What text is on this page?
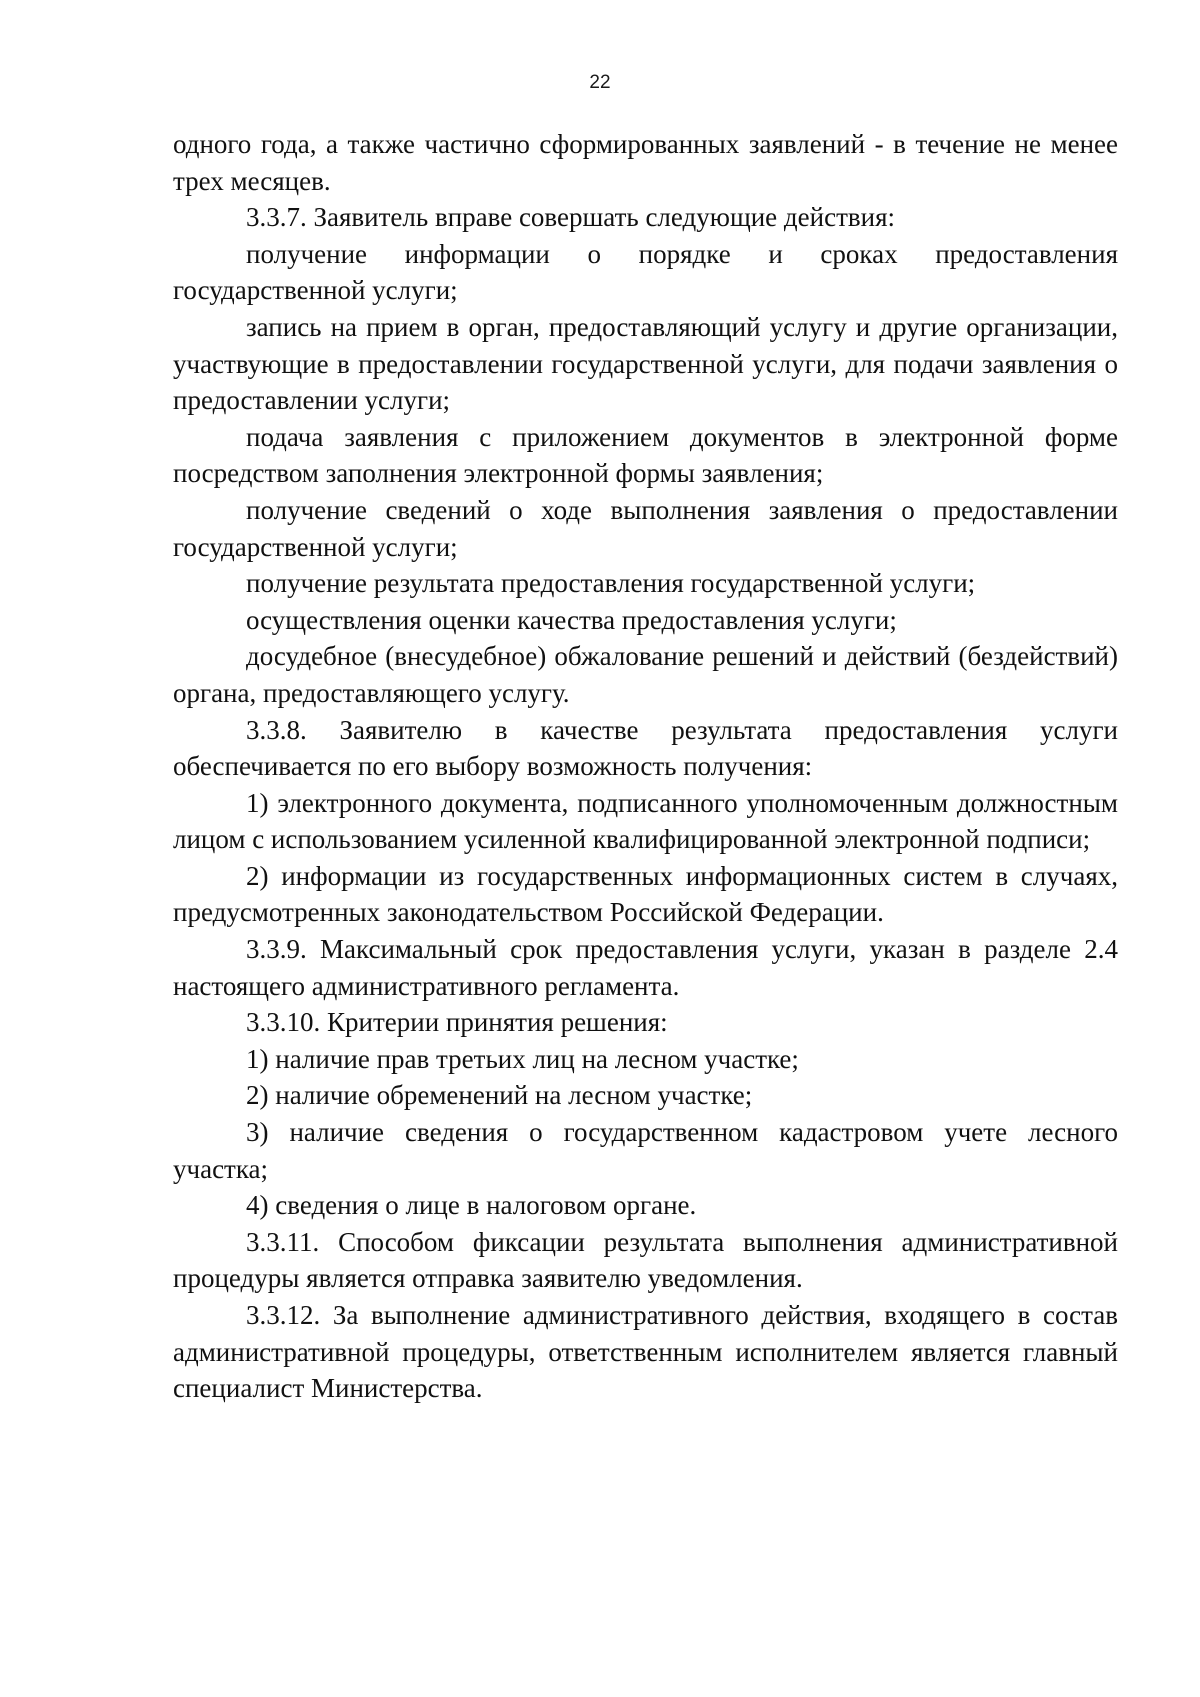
22

одного года, а также частично сформированных заявлений - в течение не менее трех месяцев.

3.3.7. Заявитель вправе совершать следующие действия:

получение информации о порядке и сроках предоставления государственной услуги;

запись на прием в орган, предоставляющий услугу и другие организации, участвующие в предоставлении государственной услуги, для подачи заявления о предоставлении услуги;

подача заявления с приложением документов в электронной форме посредством заполнения электронной формы заявления;

получение сведений о ходе выполнения заявления о предоставлении государственной услуги;

получение результата предоставления государственной услуги;

осуществления оценки качества предоставления услуги;

досудебное (внесудебное) обжалование решений и действий (бездействий) органа, предоставляющего услугу.

3.3.8. Заявителю в качестве результата предоставления услуги обеспечивается по его выбору возможность получения:

1) электронного документа, подписанного уполномоченным должностным лицом с использованием усиленной квалифицированной электронной подписи;

2) информации из государственных информационных систем в случаях, предусмотренных законодательством Российской Федерации.

3.3.9. Максимальный срок предоставления услуги, указан в разделе 2.4 настоящего административного регламента.

3.3.10. Критерии принятия решения:

1) наличие прав третьих лиц на лесном участке;

2) наличие обременений на лесном участке;

3) наличие сведения о государственном кадастровом учете лесного участка;

4) сведения о лице в налоговом органе.

3.3.11. Способом фиксации результата выполнения административной процедуры является отправка заявителю уведомления.

3.3.12. За выполнение административного действия, входящего в состав административной процедуры, ответственным исполнителем является главный специалист Министерства.
